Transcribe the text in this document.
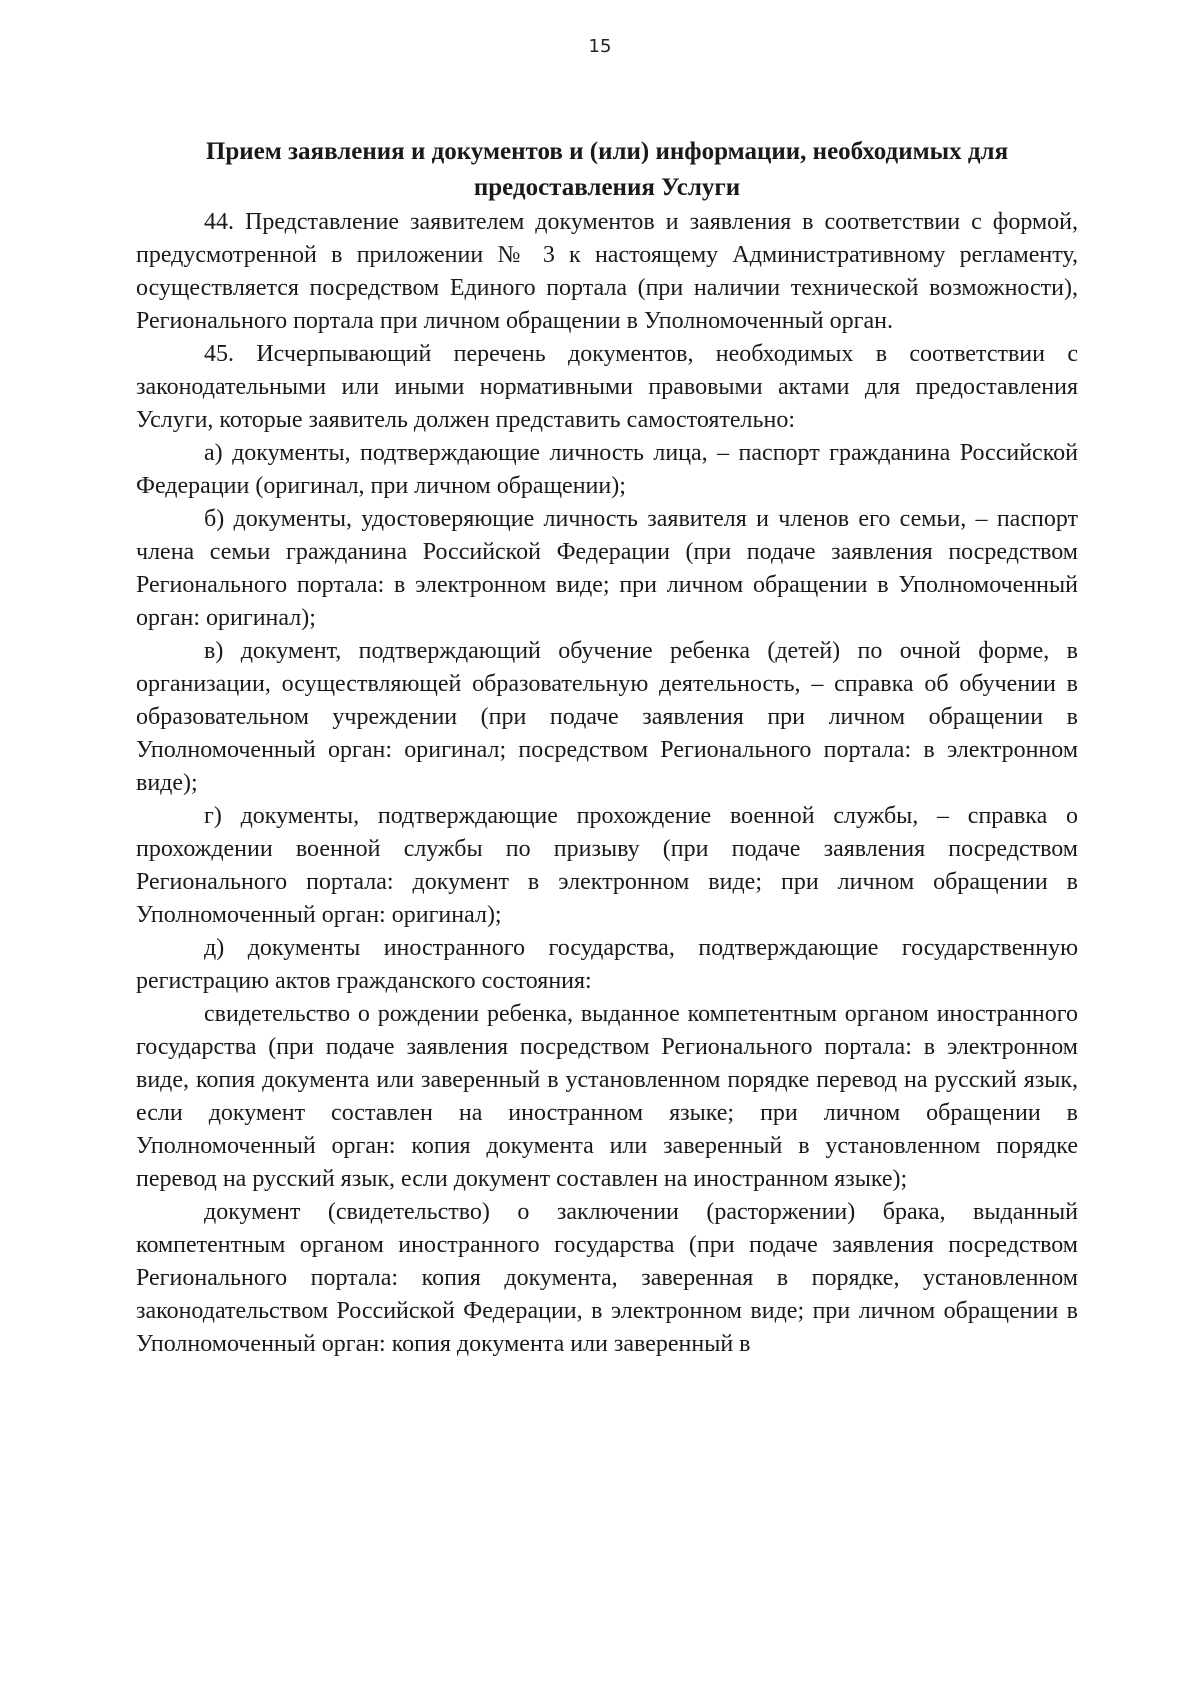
15
Прием заявления и документов и (или) информации, необходимых для
предоставления Услуги

44. Представление заявителем документов и заявления в соответствии с формой, предусмотренной в приложении № 3 к настоящему Административному регламенту, осуществляется посредством Единого портала (при наличии технической возможности), Регионального портала при личном обращении в Уполномоченный орган.

45. Исчерпывающий перечень документов, необходимых в соответствии с законодательными или иными нормативными правовыми актами для предоставления Услуги, которые заявитель должен представить самостоятельно:

а) документы, подтверждающие личность лица, – паспорт гражданина Российской Федерации (оригинал, при личном обращении);

б) документы, удостоверяющие личность заявителя и членов его семьи, – паспорт члена семьи гражданина Российской Федерации (при подаче заявления посредством Регионального портала: в электронном виде; при личном обращении в Уполномоченный орган: оригинал);

в) документ, подтверждающий обучение ребенка (детей) по очной форме, в организации, осуществляющей образовательную деятельность, – справка об обучении в образовательном учреждении (при подаче заявления при личном обращении в Уполномоченный орган: оригинал; посредством Регионального портала: в электронном виде);

г) документы, подтверждающие прохождение военной службы, – справка о прохождении военной службы по призыву (при подаче заявления посредством Регионального портала: документ в электронном виде; при личном обращении в Уполномоченный орган: оригинал);

д) документы иностранного государства, подтверждающие государственную регистрацию актов гражданского состояния:

свидетельство о рождении ребенка, выданное компетентным органом иностранного государства (при подаче заявления посредством Регионального портала: в электронном виде, копия документа или заверенный в установленном порядке перевод на русский язык, если документ составлен на иностранном языке; при личном обращении в Уполномоченный орган: копия документа или заверенный в установленном порядке перевод на русский язык, если документ составлен на иностранном языке);

документ (свидетельство) о заключении (расторжении) брака, выданный компетентным органом иностранного государства (при подаче заявления посредством Регионального портала: копия документа, заверенная в порядке, установленном законодательством Российской Федерации, в электронном виде; при личном обращении в Уполномоченный орган: копия документа или заверенный в
